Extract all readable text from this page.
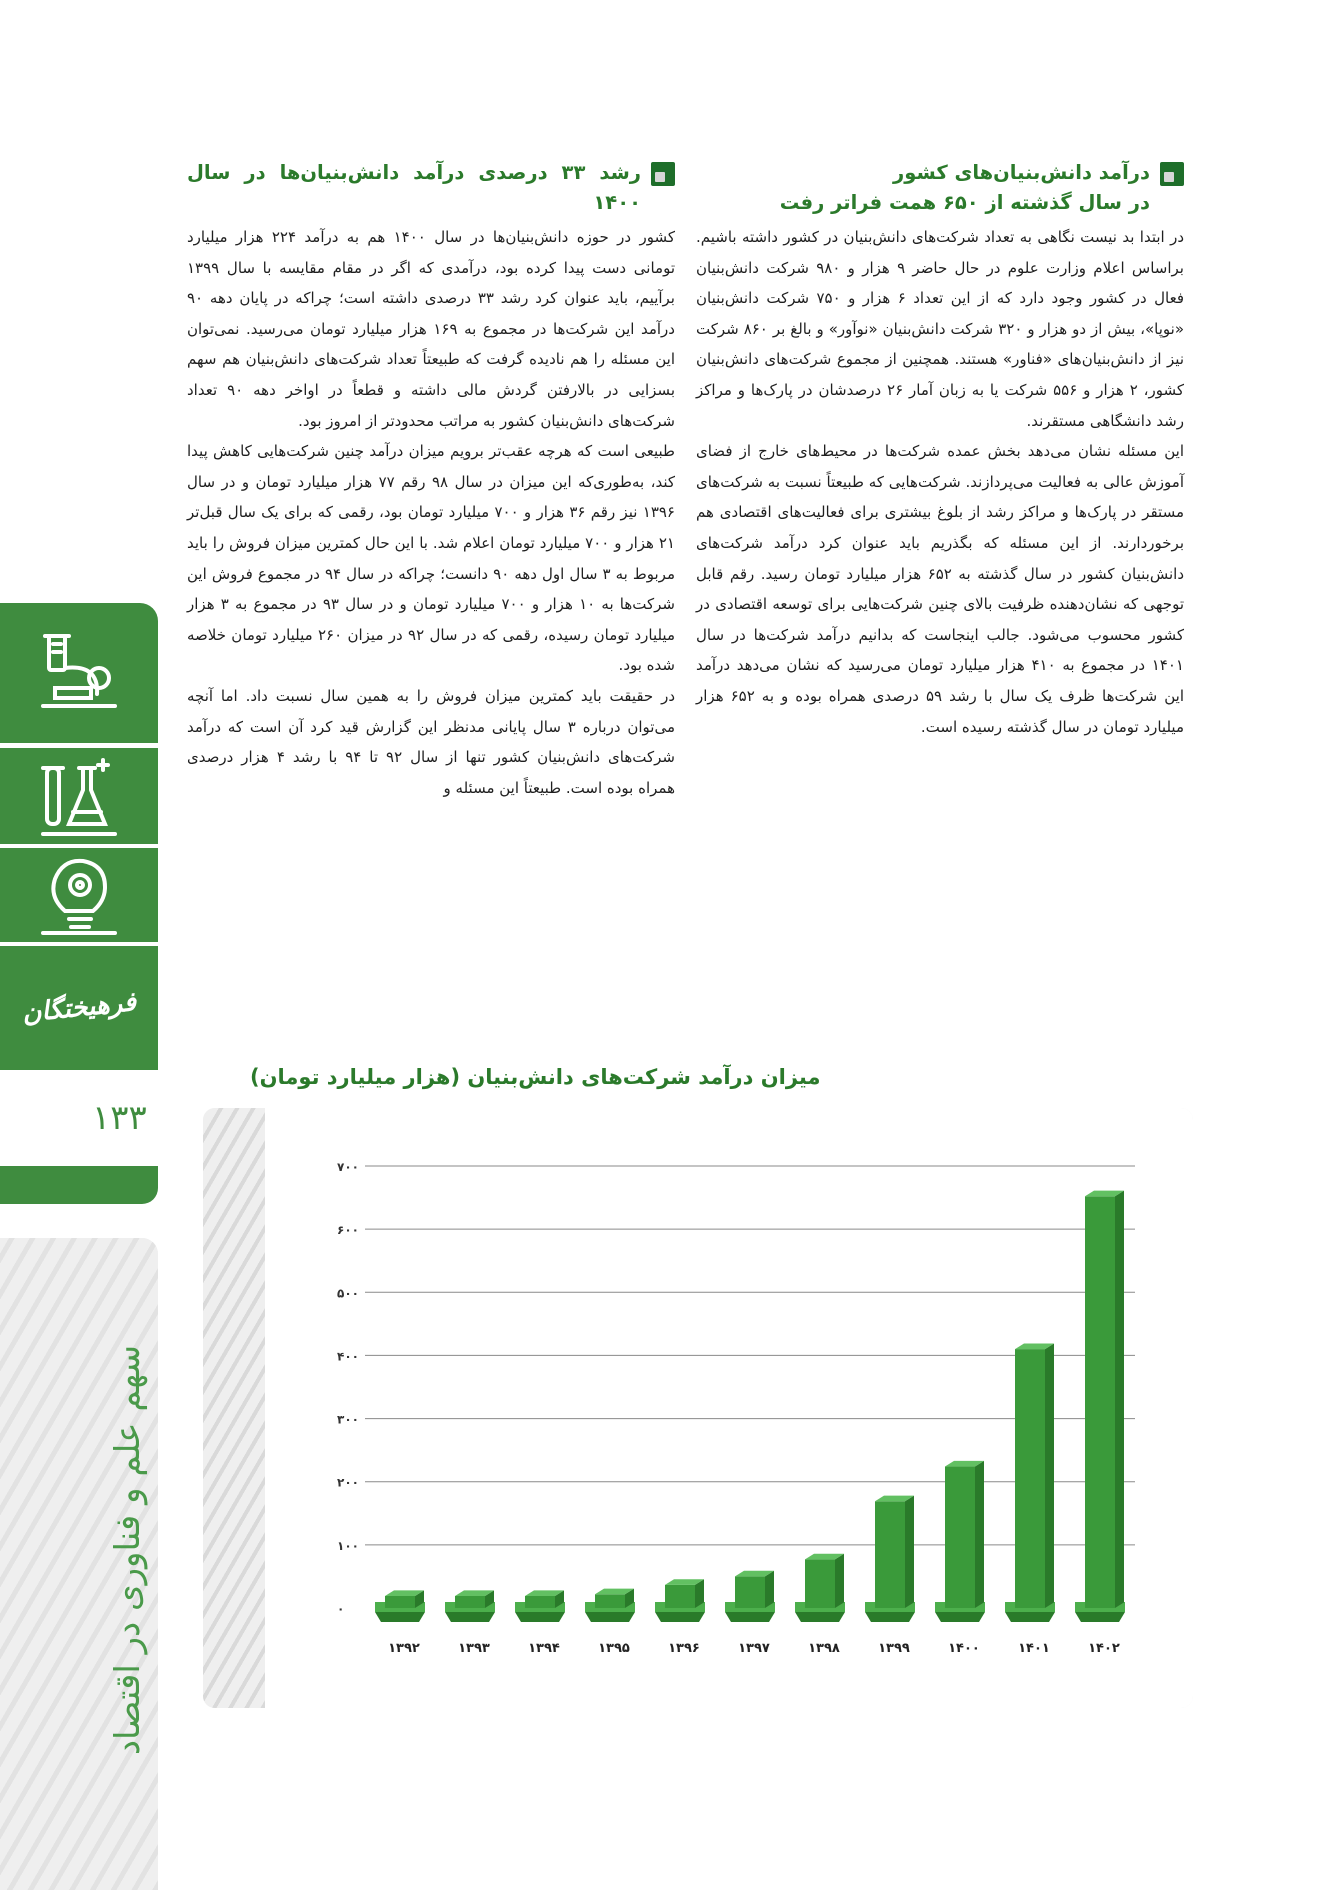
درآمد دانش‌بنیان‌های کشور
در سال گذشته از ۶۵۰ همت فراتر رفت

در ابتدا بد نیست نگاهی به تعداد شرکت‌های دانش‌بنیان در کشور داشته باشیم. براساس اعلام وزارت علوم در حال حاضر ۹ هزار و ۹۸۰ شرکت دانش‌بنیان فعال در کشور وجود دارد که از این تعداد ۶ هزار و ۷۵۰ شرکت دانش‌بنیان «نوپا»، بیش از دو هزار و ۳۲۰ شرکت دانش‌بنیان «نوآور» و بالغ بر ۸۶۰ شرکت نیز از دانش‌بنیان‌های «فناور» هستند. همچنین از مجموع شرکت‌های دانش‌بنیان کشور، ۲ هزار و ۵۵۶ شرکت یا به زبان آمار ۲۶ درصدشان در پارک‌ها و مراکز رشد دانشگاهی مستقرند.

این مسئله نشان می‌دهد بخش عمده شرکت‌ها در محیط‌های خارج از فضای آموزش عالی به فعالیت می‌پردازند. شرکت‌هایی که طبیعتاً نسبت به شرکت‌های مستقر در پارک‌ها و مراکز رشد از بلوغ بیشتری برای فعالیت‌های اقتصادی هم برخوردارند. از این مسئله که بگذریم باید عنوان کرد درآمد شرکت‌های دانش‌بنیان کشور در سال گذشته به ۶۵۲ هزار میلیارد تومان رسید. رقم قابل توجهی که نشان‌دهنده ظرفیت بالای چنین شرکت‌هایی برای توسعه اقتصادی در کشور محسوب می‌شود. جالب اینجاست که بدانیم درآمد شرکت‌ها در سال ۱۴۰۱ در مجموع به ۴۱۰ هزار میلیارد تومان می‌رسید که نشان می‌دهد درآمد این شرکت‌ها ظرف یک سال با رشد ۵۹ درصدی همراه بوده و به ۶۵۲ هزار میلیارد تومان در سال گذشته رسیده است.

رشد ۳۳ درصدی درآمد دانش‌بنیان‌ها در سال ۱۴۰۰

کشور در حوزه دانش‌بنیان‌ها در سال ۱۴۰۰ هم به درآمد ۲۲۴ هزار میلیارد تومانی دست پیدا کرده بود، درآمدی که اگر در مقام مقایسه با سال ۱۳۹۹ برآییم، باید عنوان کرد رشد ۳۳ درصدی داشته است؛ چراکه در پایان دهه ۹۰ درآمد این شرکت‌ها در مجموع به ۱۶۹ هزار میلیارد تومان می‌رسید. نمی‌توان این مسئله را هم نادیده گرفت که طبیعتاً تعداد شرکت‌های دانش‌بنیان هم سهم بسزایی در بالارفتن گردش مالی داشته و قطعاً در اواخر دهه ۹۰ تعداد شرکت‌های دانش‌بنیان کشور به مراتب محدودتر از امروز بود.

طبیعی است که هرچه عقب‌تر برویم میزان درآمد چنین شرکت‌هایی کاهش پیدا کند، به‌طوری‌که این میزان در سال ۹۸ رقم ۷۷ هزار میلیارد تومان و در سال ۱۳۹۶ نیز رقم ۳۶ هزار و ۷۰۰ میلیارد تومان بود، رقمی که برای یک سال قبل‌تر ۲۱ هزار و ۷۰۰ میلیارد تومان اعلام شد. با این حال کمترین میزان فروش را باید مربوط به ۳ سال اول دهه ۹۰ دانست؛ چراکه در سال ۹۴ در مجموع فروش این شرکت‌ها به ۱۰ هزار و ۷۰۰ میلیارد تومان و در سال ۹۳ در مجموع به ۳ هزار میلیارد تومان رسیده، رقمی که در سال ۹۲ در میزان ۲۶۰ میلیارد تومان خلاصه شده بود.

در حقیقت باید کمترین میزان فروش را به همین سال نسبت داد. اما آنچه می‌توان درباره ۳ سال پایانی مدنظر این گزارش قید کرد آن است که درآمد شرکت‌های دانش‌بنیان کشور تنها از سال ۹۲ تا ۹۴ با رشد ۴ هزار درصدی همراه بوده است. طبیعتاً این مسئله و

فرهیختگان
۱۳۳
سهم علم و فناوری در اقتصاد
میزان درآمد شرکت‌های دانش‌بنیان (هزار میلیارد تومان)
۰
۱۰۰
۲۰۰
۳۰۰
۴۰۰
۵۰۰
۶۰۰
۷۰۰
۱۳۹۲	۱۳۹۳	۱۳۹۴	۱۳۹۵	۱۳۹۶	۱۳۹۷	۱۳۹۸	۱۳۹۹	۱۴۰۰	۱۴۰۱	۱۴۰۲
